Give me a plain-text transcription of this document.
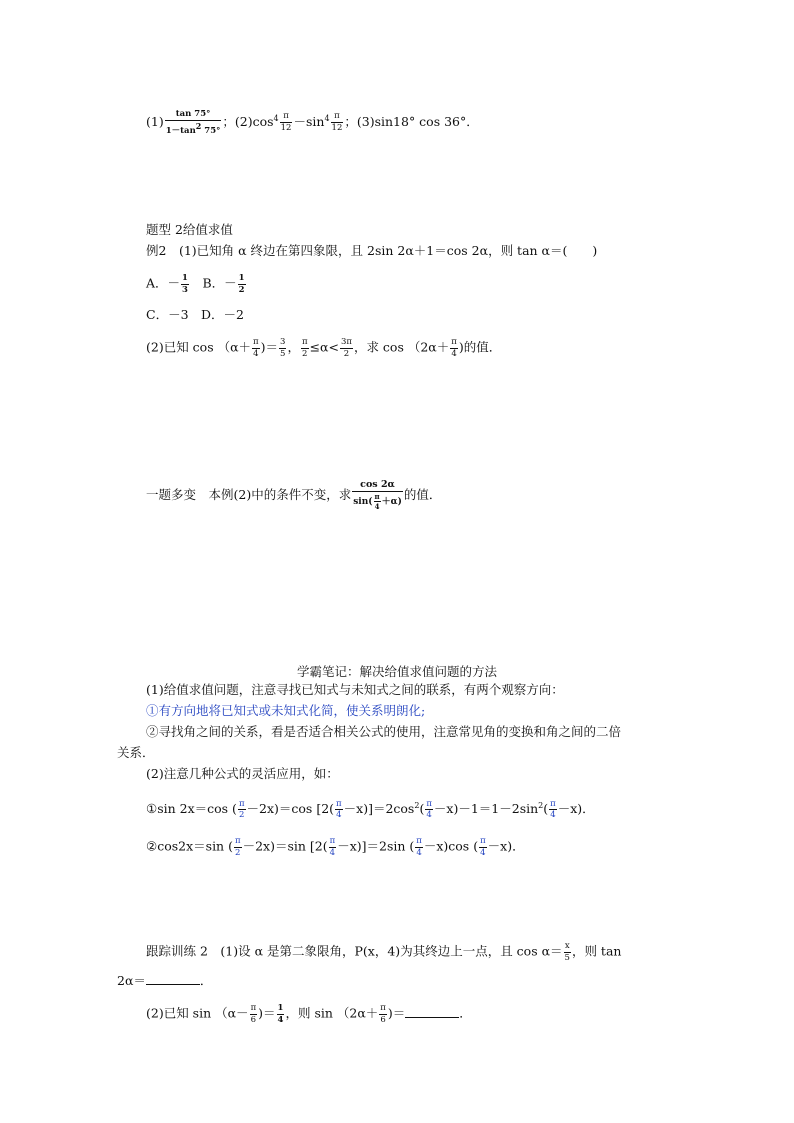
$(1) \frac{\tan 75^\circ}{1-\tan 2 75^\circ}$ ；$(2)\cos^4 \frac{\pi}{12} -\sin^4 \frac{\pi}{12}$ ；(3)sin18° cos 36°．
题型 2给值求值
例2　(1)已知角 α 终边在第四象限，且 2sin 2α＋1＝cos 2α，则 tan α＝(　　)
A．－ $\frac{1}{3}$ 　B．－ $\frac{1}{2}$
C．－3　D．－2
(2)已知 $\cos (\alpha+ \frac{\pi}{4}$ )＝ $\frac{3}{5}$ ， $\frac{\pi}{2} \le\alpha< \frac{3\pi}{2}$ ，求 $\cos (2\alpha+ \frac{\pi}{4}$ )的值．
一题多变　本例(2)中的条件不变，求 $\frac{\cos 2\alpha}{\sin( \frac{\pi}{4} +\alpha)}$ 的值．
学霸笔记：解决给值求值问题的方法
(1)给值求值问题，注意寻找已知式与未知式之间的联系，有两个观察方向：
①有方向地将已知式或未知式化简，使关系明朗化;
②寻找角之间的关系，看是否适合相关公式的使用，注意常见角的变换和角之间的二倍
关系．
(2)注意几种公式的灵活应用，如：
①sin 2x＝cos ( $\frac{\pi}{2} -2x)=\cos$ $[2( \frac{\pi}{4} -x)]=2\cos^2( \frac{\pi}{4} -x)-1=1-2\sin^2( \frac{\pi}{4} -x)$．
②cos2x＝sin ( $\frac{\pi}{2} -2x)=\sin$ $[2( \frac{\pi}{4} -x)]=2\sin$ ( $\frac{\pi}{4} -x)\cos$ ( $\frac{\pi}{4} -x$)．
跟踪训练 2　(1)设 α 是第二象限角，P(x，4)为其终边上一点，且 $\cos \alpha= \frac{x}{5}$ ，则 tan
2α＝	．
(2)已知 $\sin (\alpha- \frac{\pi}{6}$ )＝ $\frac{1}{4}$ ，则 $\sin (2\alpha+ \frac{\pi}{6}$ )＝	．
